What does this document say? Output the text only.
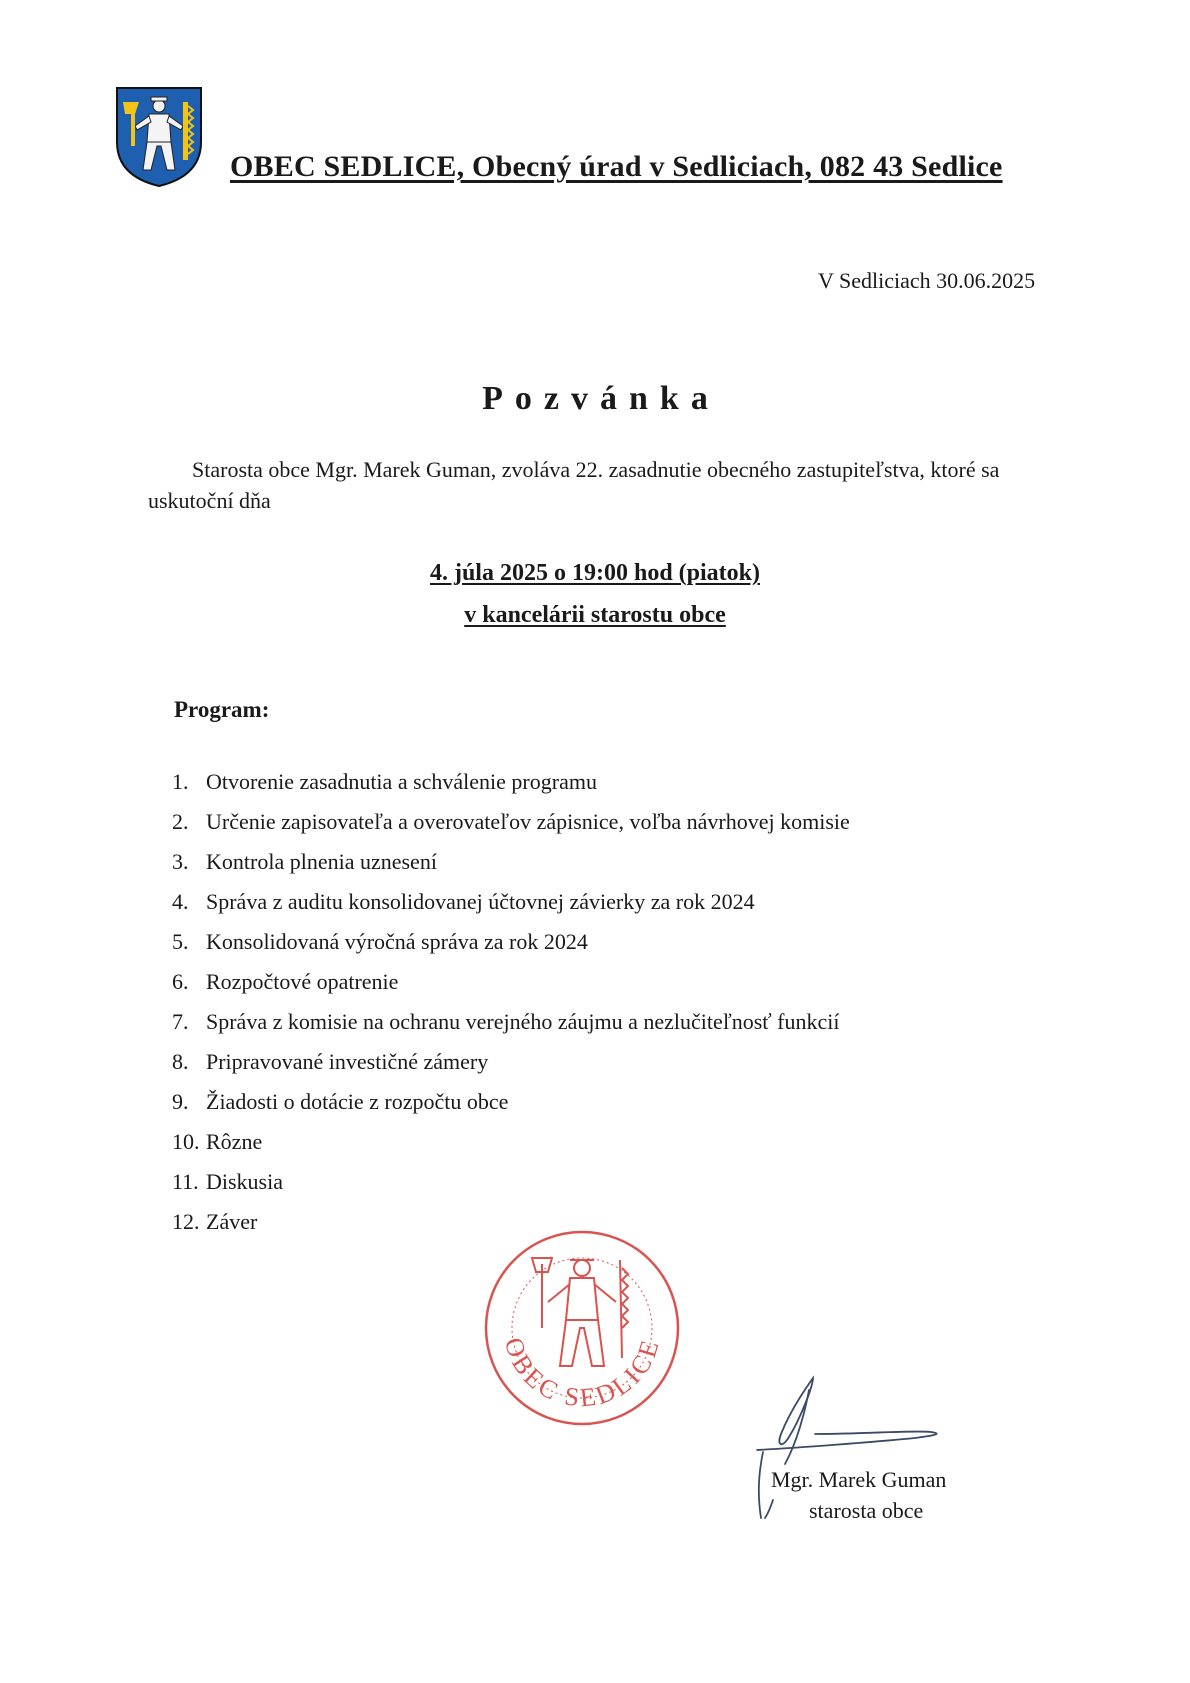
OBEC SEDLICE, Obecný úrad v Sedliciach, 082 43 Sedlice
V Sedliciach 30.06.2025
Pozvánka

Starosta obce Mgr. Marek Guman, zvoláva 22. zasadnutie obecného zastupiteľstva, ktoré sa uskutoční dňa

4. júla 2025 o 19:00 hod (piatok)
v kancelárii starostu obce
Program:
1. Otvorenie zasadnutia a schválenie programu
2. Určenie zapisovateľa a overovateľov zápisnice, voľba návrhovej komisie
3. Kontrola plnenia uznesení
4. Správa z auditu konsolidovanej účtovnej závierky za rok 2024
5. Konsolidovaná výročná správa za rok 2024
6. Rozpočtové opatrenie
7. Správa z komisie na ochranu verejného záujmu a nezlučiteľnosť funkcií
8. Pripravované investičné zámery
9. Žiadosti o dotácie z rozpočtu obce
10. Rôzne
11. Diskusia
12. Záver
OBEC SEDLICE
Mgr. Marek Guman
starosta obce
